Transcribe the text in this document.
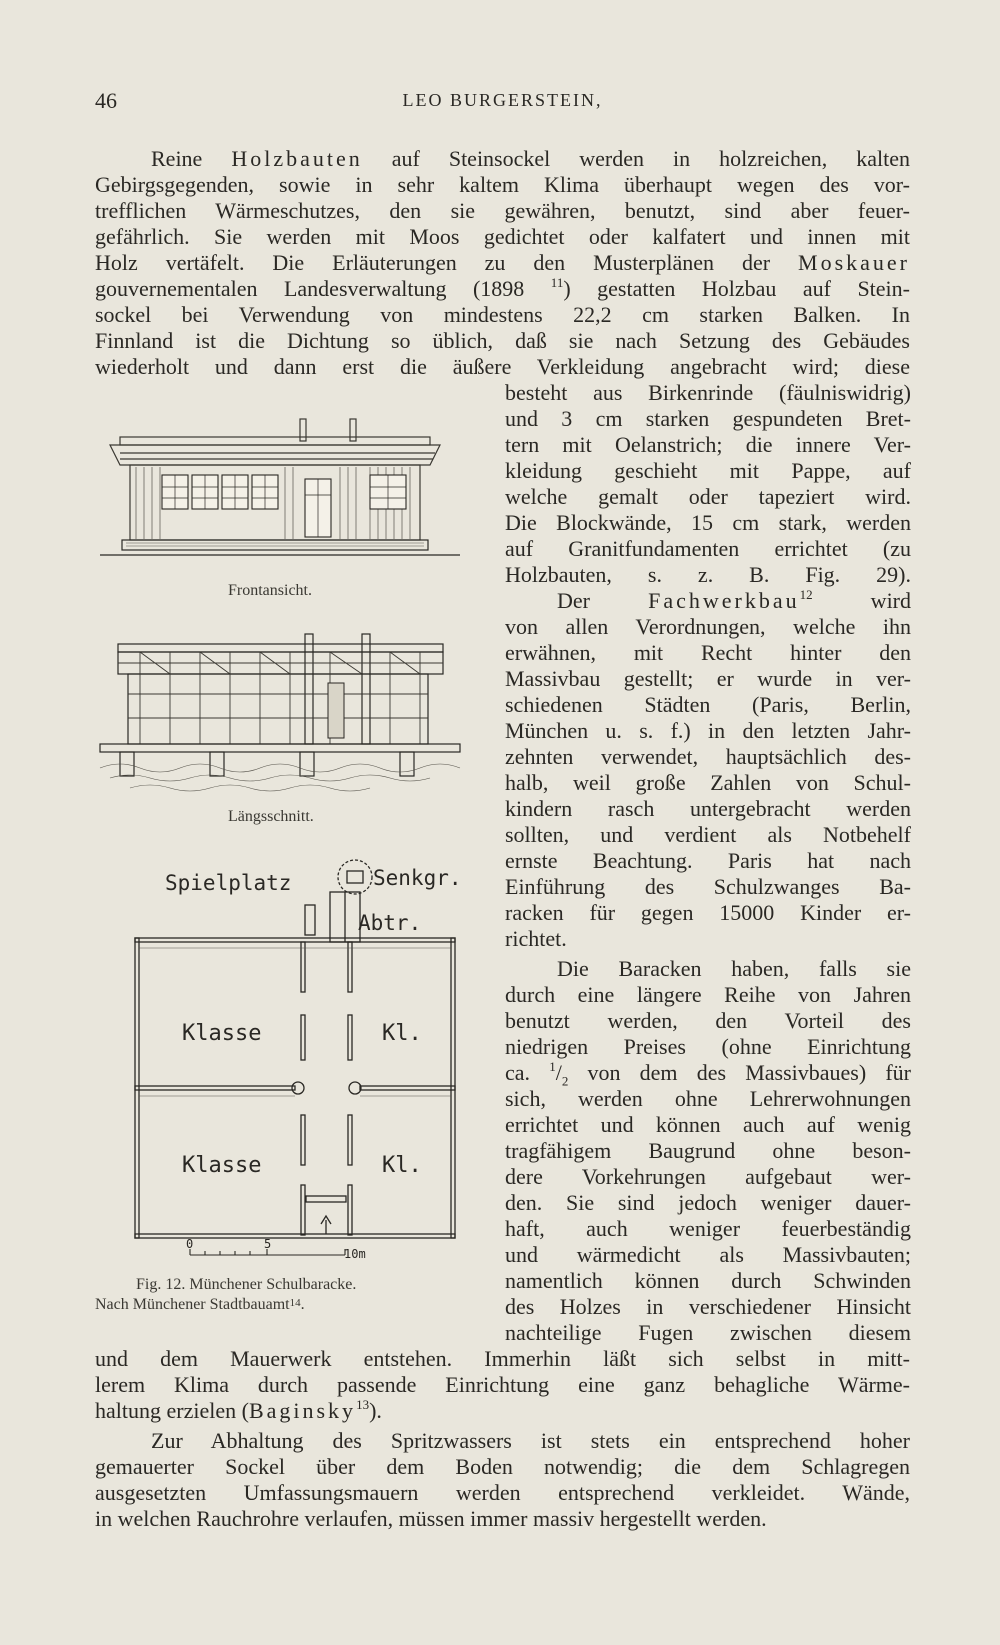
46	LEO BURGERSTEIN,
Reine Holzbauten auf Steinsockel werden in holzreichen, kalten
Gebirgsgegenden, sowie in sehr kaltem Klima überhaupt wegen des vor-
trefflichen Wärmeschutzes, den sie gewähren, benutzt, sind aber feuer-
gefährlich. Sie werden mit Moos gedichtet oder kalfatert und innen mit
Holz vertäfelt. Die Erläuterungen zu den Musterplänen der Moskauer
gouvernementalen Landesverwaltung (1898 $^{11}$) gestatten Holzbau auf Stein-
sockel bei Verwendung von mindestens 22,2 cm starken Balken. In
Finnland ist die Dichtung so üblich, daß sie nach Setzung des Gebäudes
wiederholt und dann erst die äußere Verkleidung angebracht wird; diese
besteht aus Birkenrinde (fäulniswidrig)
und 3 cm starken gespundeten Bret-
tern mit Oelanstrich; die innere Ver-
kleidung geschieht mit Pappe, auf
welche gemalt oder tapeziert wird.
Die Blockwände, 15 cm stark, werden
auf Granitfundamenten errichtet (zu
Holzbauten, s. z. B. Fig. 29).
Der Fachwerkbau$^{12}$ wird
von allen Verordnungen, welche ihn
erwähnen, mit Recht hinter den
Massivbau gestellt; er wurde in ver-
schiedenen Städten (Paris, Berlin,
München u. s. f.) in den letzten Jahr-
zehnten verwendet, hauptsächlich des-
halb, weil große Zahlen von Schul-
kindern rasch untergebracht werden
sollten, und verdient als Notbehelf
ernste Beachtung. Paris hat nach
Einführung des Schulzwanges Ba-
racken für gegen 15000 Kinder er-
richtet.
Die Baracken haben, falls sie
durch eine längere Reihe von Jahren
benutzt werden, den Vorteil des
niedrigen Preises (ohne Einrichtung
ca. $^1/_2$ von dem des Massivbaues) für
sich, werden ohne Lehrerwohnungen
errichtet und können auch auf wenig
tragfähigem Baugrund ohne beson-
dere Vorkehrungen aufgebaut wer-
den. Sie sind jedoch weniger dauer-
haft, auch weniger feuerbeständig
und wärmedicht als Massivbauten;
namentlich können durch Schwinden
des Holzes in verschiedener Hinsicht
nachteilige Fugen zwischen diesem
und dem Mauerwerk entstehen. Immerhin läßt sich selbst in mitt-
lerem Klima durch passende Einrichtung eine ganz behagliche Wärme-
haltung erzielen (Baginsky$^{13}$).
Zur Abhaltung des Spritzwassers ist stets ein entsprechend hoher
gemauerter Sockel über dem Boden notwendig; die dem Schlagregen
ausgesetzten Umfassungsmauern werden entsprechend verkleidet. Wände,
in welchen Rauchrohre verlaufen, müssen immer massiv hergestellt werden.
Frontansicht.
Längsschnitt.
Spielplatz	Senkgr.
Abtr.
Klasse	Kl.
Klasse	Kl.
0	5
10m
Fig. 12. Münchener Schulbaracke.
Nach Münchener Stadtbauamt$^{14}$.
